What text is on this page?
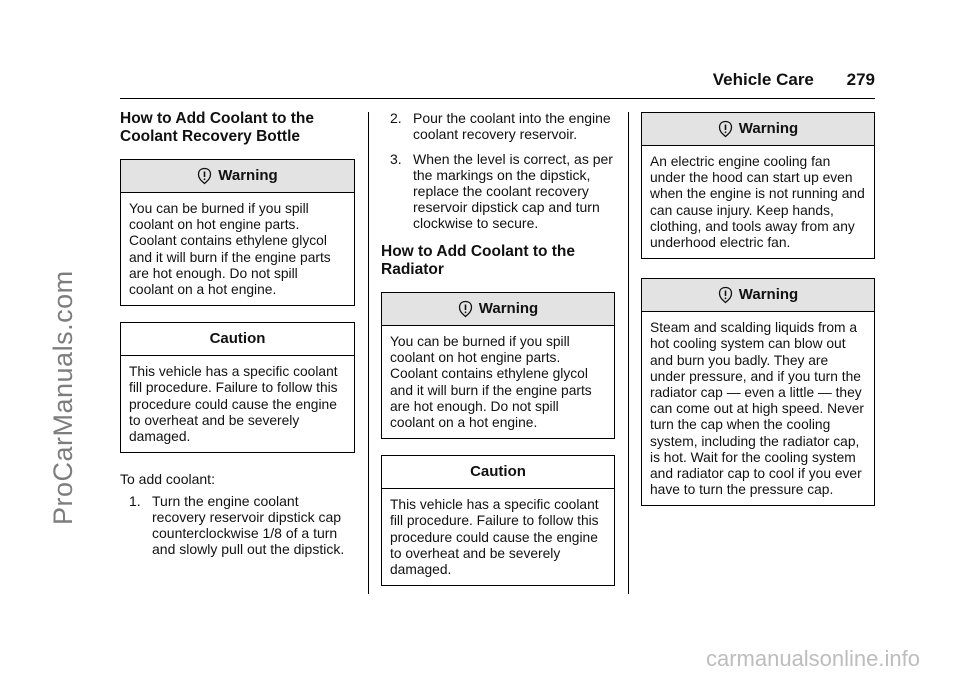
Vehicle Care 279
ProCarManuals.com
carmanualsonline.info
How to Add Coolant to the Coolant Recovery Bottle
Warning
You can be burned if you spill coolant on hot engine parts. Coolant contains ethylene glycol and it will burn if the engine parts are hot enough. Do not spill coolant on a hot engine.
Caution
This vehicle has a specific coolant fill procedure. Failure to follow this procedure could cause the engine to overheat and be severely damaged.

To add coolant:

1. Turn the engine coolant recovery reservoir dipstick cap counterclockwise 1/8 of a turn and slowly pull out the dipstick.
2. Pour the coolant into the engine coolant recovery reservoir.
3. When the level is correct, as per the markings on the dipstick, replace the coolant recovery reservoir dipstick cap and turn clockwise to secure.
How to Add Coolant to the Radiator
Warning
You can be burned if you spill coolant on hot engine parts. Coolant contains ethylene glycol and it will burn if the engine parts are hot enough. Do not spill coolant on a hot engine.
Caution
This vehicle has a specific coolant fill procedure. Failure to follow this procedure could cause the engine to overheat and be severely damaged.
Warning
An electric engine cooling fan under the hood can start up even when the engine is not running and can cause injury. Keep hands, clothing, and tools away from any underhood electric fan.
Warning
Steam and scalding liquids from a hot cooling system can blow out and burn you badly. They are under pressure, and if you turn the radiator cap — even a little — they can come out at high speed. Never turn the cap when the cooling system, including the radiator cap, is hot. Wait for the cooling system and radiator cap to cool if you ever have to turn the pressure cap.
